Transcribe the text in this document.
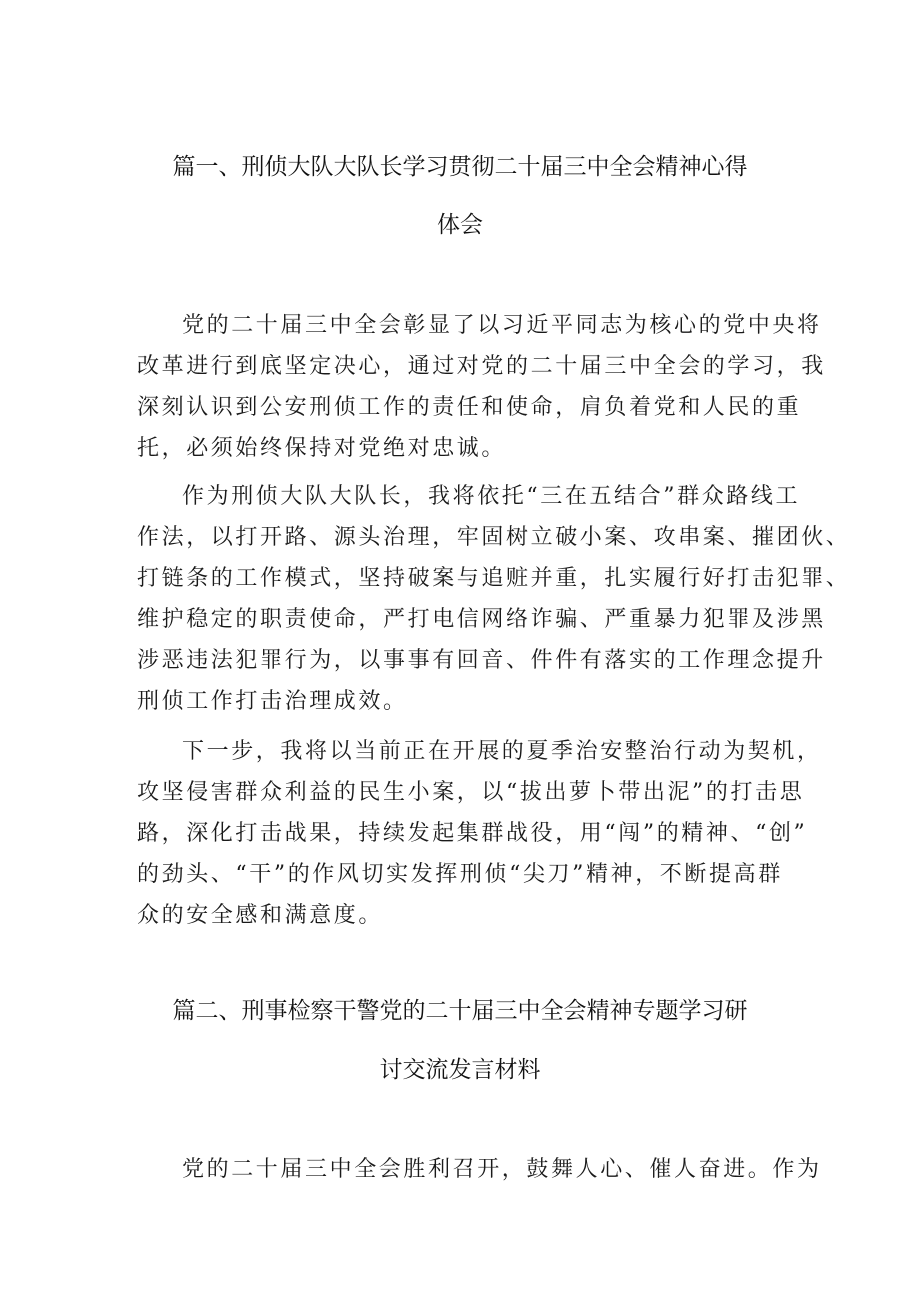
篇一、刑侦大队大队长学习贯彻二十届三中全会精神心得
体会
党的二十届三中全会彰显了以习近平同志为核心的党中央将
改革进行到底坚定决心，通过对党的二十届三中全会的学习，我
深刻认识到公安刑侦工作的责任和使命，肩负着党和人民的重
托，必须始终保持对党绝对忠诚。
作为刑侦大队大队长，我将依托“三在五结合”群众路线工
作法，以打开路、源头治理，牢固树立破小案、攻串案、摧团伙、
打链条的工作模式，坚持破案与追赃并重，扎实履行好打击犯罪、
维护稳定的职责使命，严打电信网络诈骗、严重暴力犯罪及涉黑
涉恶违法犯罪行为，以事事有回音、件件有落实的工作理念提升
刑侦工作打击治理成效。
下一步，我将以当前正在开展的夏季治安整治行动为契机，
攻坚侵害群众利益的民生小案，以“拔出萝卜带出泥”的打击思
路，深化打击战果，持续发起集群战役，用“闯”的精神、“创”
的劲头、“干”的作风切实发挥刑侦“尖刀”精神，不断提高群
众的安全感和满意度。
篇二、刑事检察干警党的二十届三中全会精神专题学习研
讨交流发言材料
党的二十届三中全会胜利召开，鼓舞人心、催人奋进。作为
